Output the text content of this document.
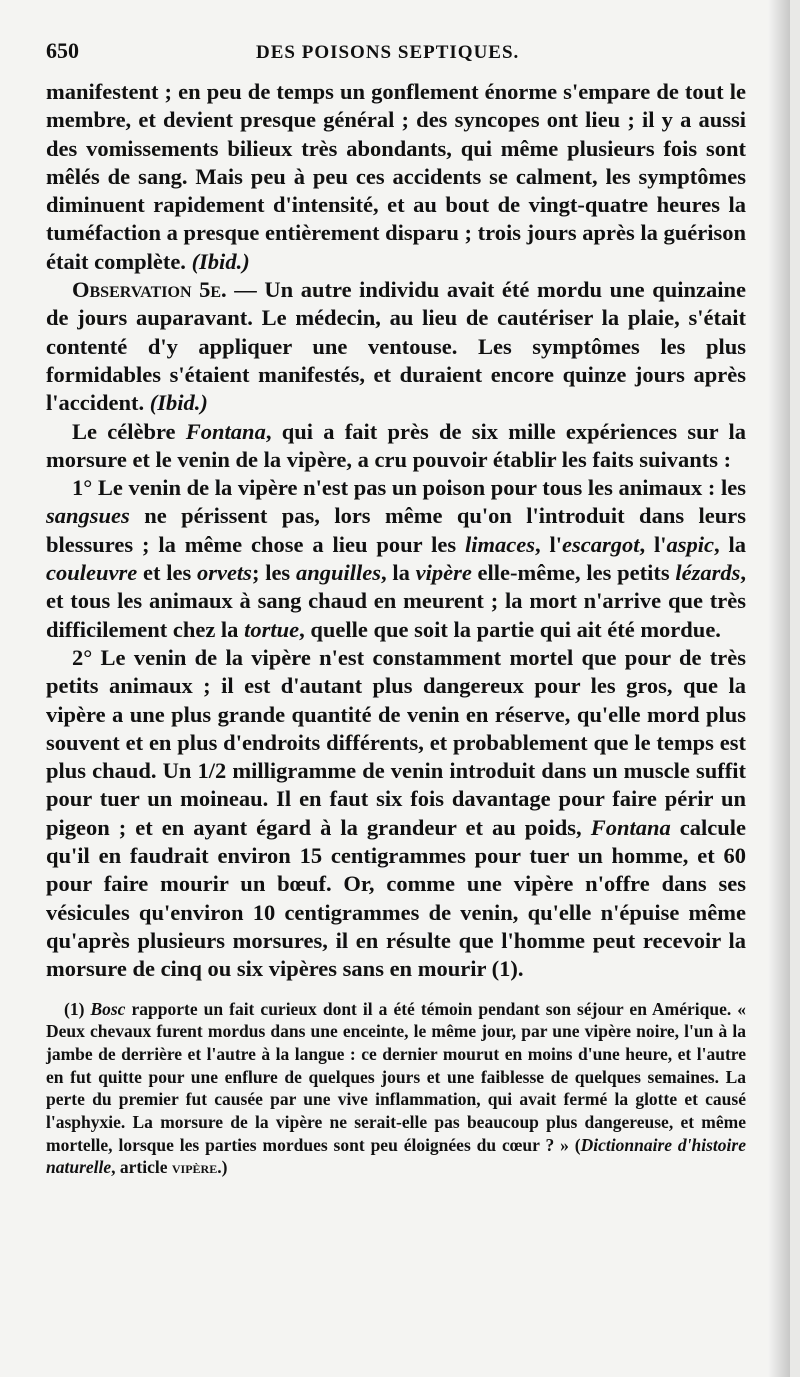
650	DES POISONS SEPTIQUES.

manifestent ; en peu de temps un gonflement énorme s'empare de tout le membre, et devient presque général ; des syncopes ont lieu ; il y a aussi des vomissements bilieux très abondants, qui même plusieurs fois sont mêlés de sang. Mais peu à peu ces accidents se calment, les symptômes diminuent rapidement d'intensité, et au bout de vingt-quatre heures la tuméfaction a presque entièrement disparu ; trois jours après la guérison était complète. (Ibid.)

Observation 5e. — Un autre individu avait été mordu une quinzaine de jours auparavant. Le médecin, au lieu de cautériser la plaie, s'était contenté d'y appliquer une ventouse. Les symptômes les plus formidables s'étaient manifestés, et duraient encore quinze jours après l'accident. (Ibid.)

Le célèbre Fontana, qui a fait près de six mille expériences sur la morsure et le venin de la vipère, a cru pouvoir établir les faits suivants :

1° Le venin de la vipère n'est pas un poison pour tous les animaux : les sangsues ne périssent pas, lors même qu'on l'introduit dans leurs blessures ; la même chose a lieu pour les limaces, l'escargot, l'aspic, la couleuvre et les orvets; les anguilles, la vipère elle-même, les petits lézards, et tous les animaux à sang chaud en meurent ; la mort n'arrive que très difficilement chez la tortue, quelle que soit la partie qui ait été mordue.

2° Le venin de la vipère n'est constamment mortel que pour de très petits animaux ; il est d'autant plus dangereux pour les gros, que la vipère a une plus grande quantité de venin en réserve, qu'elle mord plus souvent et en plus d'endroits différents, et probablement que le temps est plus chaud. Un 1/2 milligramme de venin introduit dans un muscle suffit pour tuer un moineau. Il en faut six fois davantage pour faire périr un pigeon ; et en ayant égard à la grandeur et au poids, Fontana calcule qu'il en faudrait environ 15 centigrammes pour tuer un homme, et 60 pour faire mourir un bœuf. Or, comme une vipère n'offre dans ses vésicules qu'environ 10 centigrammes de venin, qu'elle n'épuise même qu'après plusieurs morsures, il en résulte que l'homme peut recevoir la morsure de cinq ou six vipères sans en mourir (1).

(1) Bosc rapporte un fait curieux dont il a été témoin pendant son séjour en Amérique. « Deux chevaux furent mordus dans une enceinte, le même jour, par une vipère noire, l'un à la jambe de derrière et l'autre à la langue : ce dernier mourut en moins d'une heure, et l'autre en fut quitte pour une enflure de quelques jours et une faiblesse de quelques semaines. La perte du premier fut causée par une vive inflammation, qui avait fermé la glotte et causé l'asphyxie. La morsure de la vipère ne serait-elle pas beaucoup plus dangereuse, et même mortelle, lorsque les parties mordues sont peu éloignées du cœur ? » (Dictionnaire d'histoire naturelle, article vipère.)
